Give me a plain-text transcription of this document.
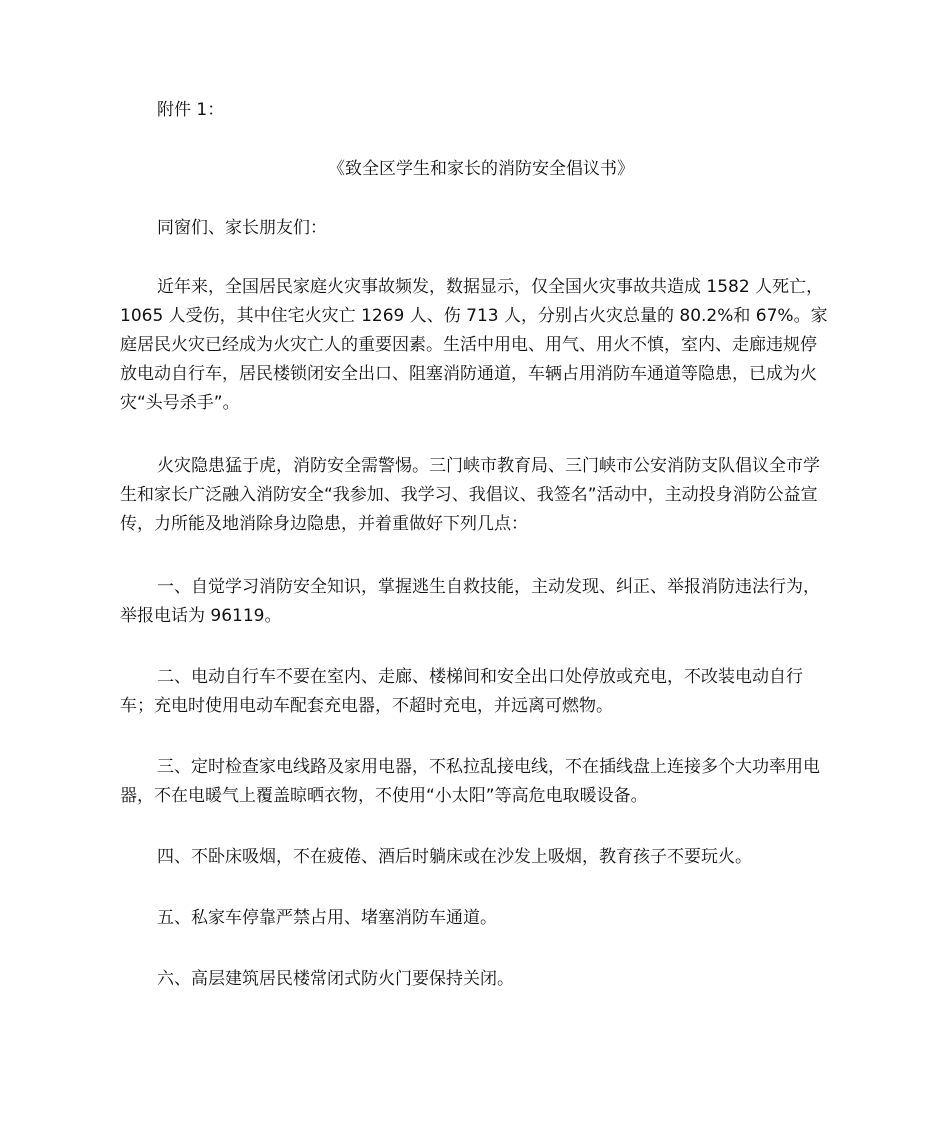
附件 1：

《致全区学生和家长的消防安全倡议书》

同窗们、家长朋友们：

近年来，全国居民家庭火灾事故频发，数据显示，仅全国火灾事故共造成 1582 人死亡，1065 人受伤，其中住宅火灾亡 1269 人、伤 713 人，分别占火灾总量的 80.2%和 67%。家庭居民火灾已经成为火灾亡人的重要因素。生活中用电、用气、用火不慎，室内、走廊违规停放电动自行车，居民楼锁闭安全出口、阻塞消防通道，车辆占用消防车通道等隐患，已成为火灾“头号杀手”。

火灾隐患猛于虎，消防安全需警惕。三门峡市教育局、三门峡市公安消防支队倡议全市学生和家长广泛融入消防安全“我参加、我学习、我倡议、我签名”活动中，主动投身消防公益宣传，力所能及地消除身边隐患，并着重做好下列几点：

一、自觉学习消防安全知识，掌握逃生自救技能，主动发现、纠正、举报消防违法行为，举报电话为 96119。

二、电动自行车不要在室内、走廊、楼梯间和安全出口处停放或充电，不改装电动自行车；充电时使用电动车配套充电器，不超时充电，并远离可燃物。

三、定时检查家电线路及家用电器，不私拉乱接电线，不在插线盘上连接多个大功率用电器，不在电暖气上覆盖晾晒衣物，不使用“小太阳”等高危电取暖设备。

四、不卧床吸烟，不在疲倦、酒后时躺床或在沙发上吸烟，教育孩子不要玩火。

五、私家车停靠严禁占用、堵塞消防车通道。

六、高层建筑居民楼常闭式防火门要保持关闭。
